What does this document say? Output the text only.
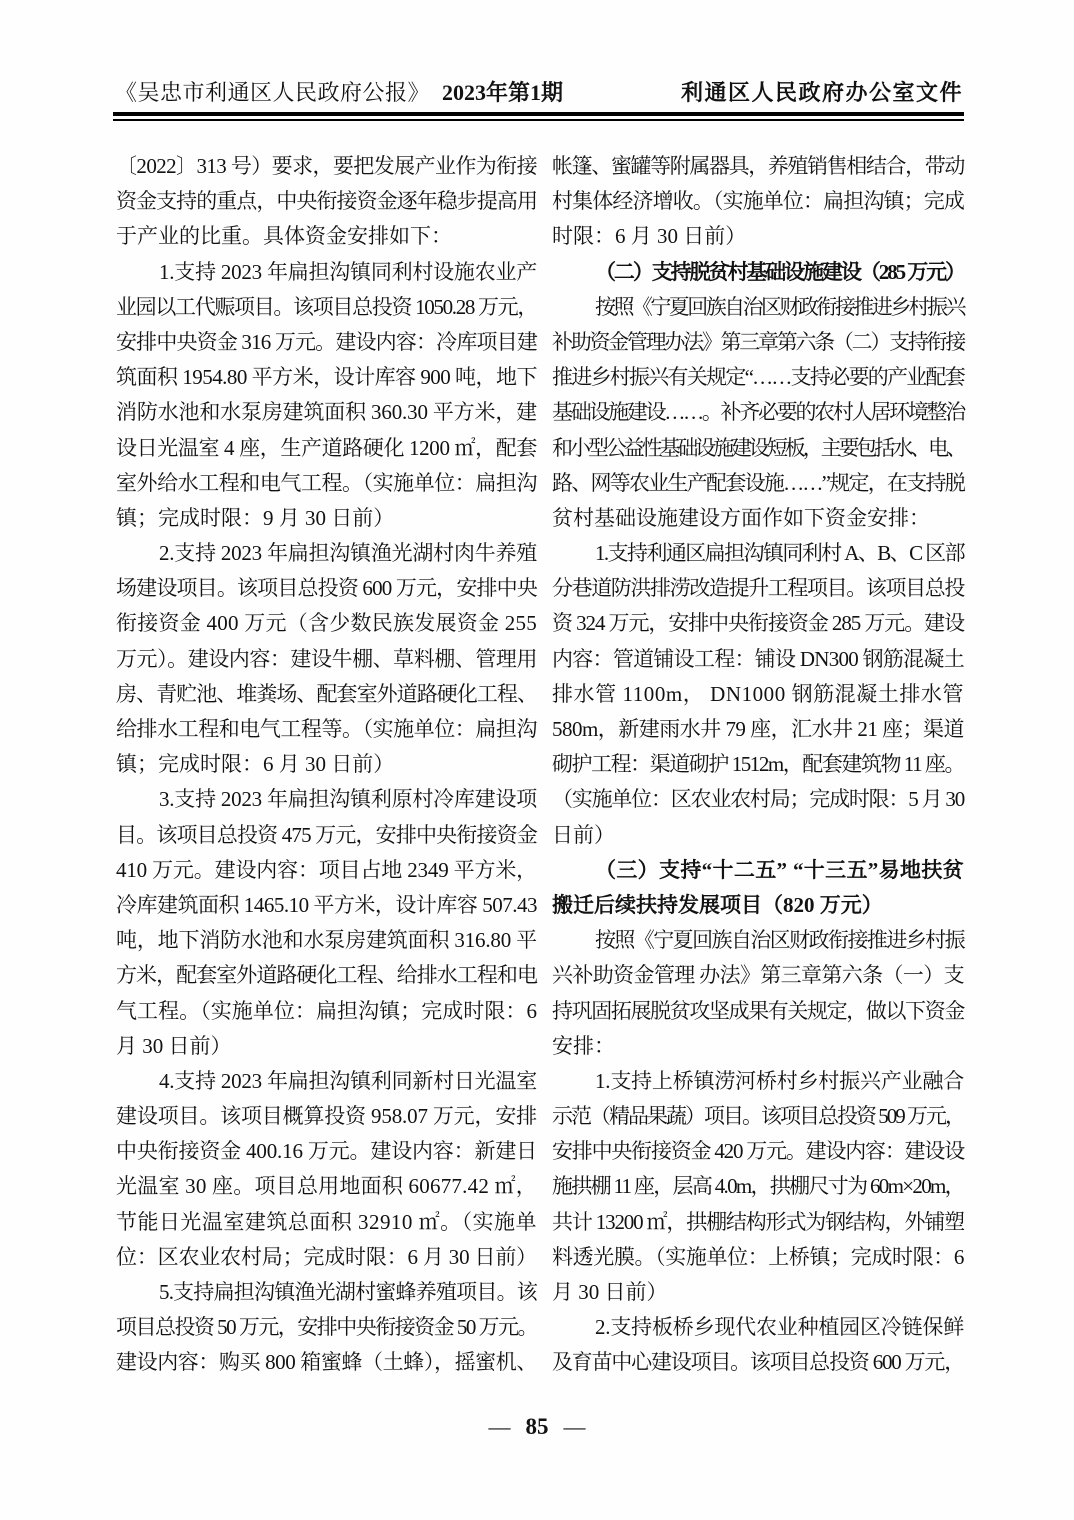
《吴忠市利通区人民政府公报》 2023年第1期	利通区人民政府办公室文件
〔2022〕313 号）要求，要把发展产业作为衔接
资金支持的重点，中央衔接资金逐年稳步提高用
于产业的比重。具体资金安排如下：
1.支持 2023 年扁担沟镇同利村设施农业产
业园以工代赈项目。该项目总投资 1050.28 万元，
安排中央资金 316 万元。建设内容：冷库项目建
筑面积 1954.80 平方米，设计库容 900 吨，地下
消防水池和水泵房建筑面积 360.30 平方米，建
设日光温室 4 座，生产道路硬化 1200 ㎡，配套
室外给水工程和电气工程。（实施单位：扁担沟
镇；完成时限：9 月 30 日前）
2.支持 2023 年扁担沟镇渔光湖村肉牛养殖
场建设项目。该项目总投资 600 万元，安排中央
衔接资金 400 万元（含少数民族发展资金 255
万元）。建设内容：建设牛棚、草料棚、管理用
房、青贮池、堆粪场、配套室外道路硬化工程、
给排水工程和电气工程等。（实施单位：扁担沟
镇；完成时限：6 月 30 日前）
3.支持 2023 年扁担沟镇利原村冷库建设项
目。该项目总投资 475 万元，安排中央衔接资金
410 万元。建设内容：项目占地 2349 平方米，
冷库建筑面积 1465.10 平方米，设计库容 507.43
吨，地下消防水池和水泵房建筑面积 316.80 平
方米，配套室外道路硬化工程、给排水工程和电
气工程。（实施单位：扁担沟镇；完成时限：6
月 30 日前）
4.支持 2023 年扁担沟镇利同新村日光温室
建设项目。该项目概算投资 958.07 万元，安排
中央衔接资金 400.16 万元。建设内容：新建日
光温室 30 座。项目总用地面积 60677.42 ㎡，
节能日光温室建筑总面积 32910 ㎡。（实施单
位：区农业农村局；完成时限：6 月 30 日前）
5.支持扁担沟镇渔光湖村蜜蜂养殖项目。该
项目总投资 50 万元，安排中央衔接资金 50 万元。
建设内容：购买 800 箱蜜蜂（土蜂），摇蜜机、
帐篷、蜜罐等附属器具，养殖销售相结合，带动
村集体经济增收。（实施单位：扁担沟镇；完成
时限：6 月 30 日前）
（二）支持脱贫村基础设施建设（285 万元）
按照《宁夏回族自治区财政衔接推进乡村振兴
补助资金管理办法》第三章第六条（二）支持衔接
推进乡村振兴有关规定“……支持必要的产业配套
基础设施建设……。补齐必要的农村人居环境整治
和小型公益性基础设施建设短板，主要包括水、电、
路、网等农业生产配套设施……”规定，在支持脱
贫村基础设施建设方面作如下资金安排：
1.支持利通区扁担沟镇同利村 A、B、C 区部
分巷道防洪排涝改造提升工程项目。该项目总投
资 324 万元，安排中央衔接资金 285 万元。建设
内容：管道铺设工程：铺设 DN300 钢筋混凝土
排水管 1100m， DN1000 钢筋混凝土排水管
580m，新建雨水井 79 座，汇水井 21 座；渠道
砌护工程：渠道砌护 1512m，配套建筑物 11 座。
（实施单位：区农业农村局；完成时限：5 月 30
日前）
（三）支持“十二五” “十三五”易地扶贫
搬迁后续扶持发展项目（820 万元）
按照《宁夏回族自治区财政衔接推进乡村振
兴补助资金管理 办法》第三章第六条（一）支
持巩固拓展脱贫攻坚成果有关规定，做以下资金
安排：
1.支持上桥镇涝河桥村乡村振兴产业融合
示范（精品果蔬）项目。该项目总投资 509 万元，
安排中央衔接资金 420 万元。建设内容：建设设
施拱棚 11 座，层高 4.0m，拱棚尺寸为 60m×20m，
共计 13200 ㎡，拱棚结构形式为钢结构，外铺塑
料透光膜。（实施单位：上桥镇；完成时限：6
月 30 日前）
2.支持板桥乡现代农业种植园区冷链保鲜
及育苗中心建设项目。该项目总投资 600 万元，
— 85 —
